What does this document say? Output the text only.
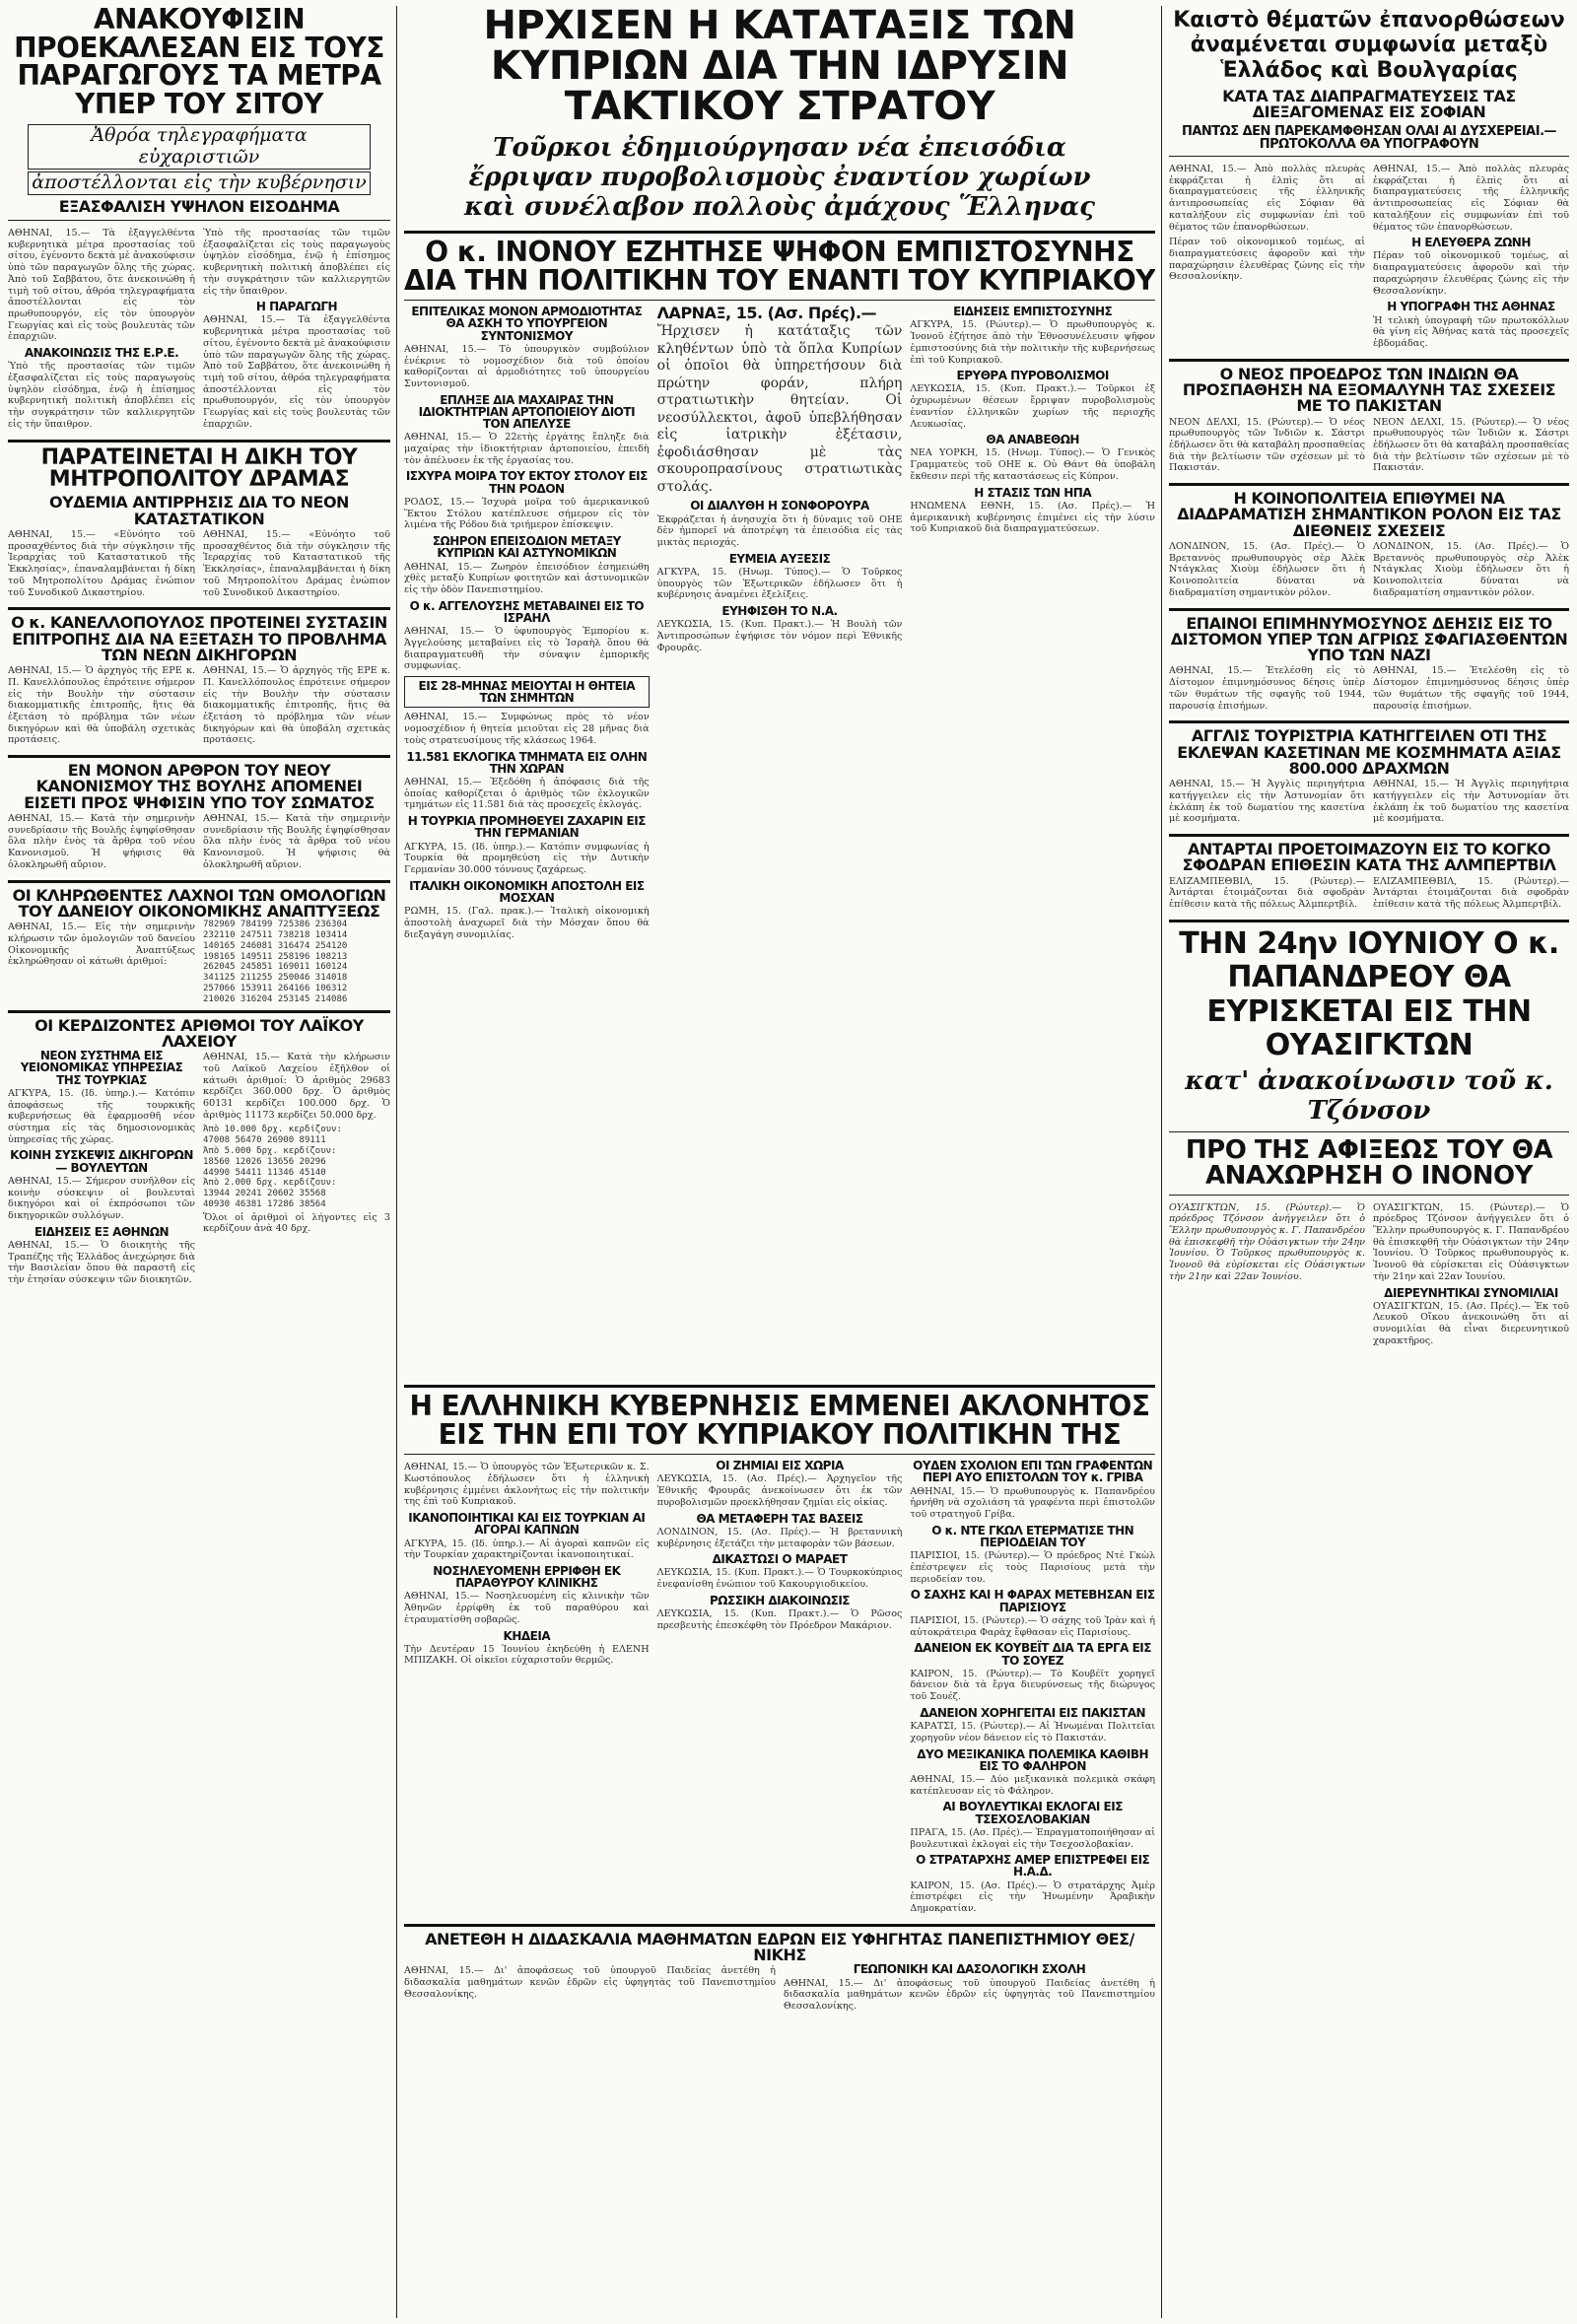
ΑΝΑΚΟΥΦΙΣΙΝ ΠΡΟΕΚΑΛΕΣΑΝ ΕΙΣ ΤΟΥΣ ΠΑΡΑΓΩΓΟΥΣ ΤΑ ΜΕΤΡΑ ΥΠΕΡ ΤΟΥ ΣΙΤΟΥ
Ἀθρόα τηλεγραφήματα εὐχαριστιῶν
ἀποστέλλονται εἰς τὴν κυβέρνησιν
ΕΞΑΣΦΑΛΙΣΗ ΥΨΗΛΟΝ ΕΙΣΟΔΗΜΑ

ΑΘΗΝΑΙ, 15.— Τὰ ἐξαγγελθέντα κυβερνητικὰ μέτρα προστασίας τοῦ σίτου, ἐγένοντο δεκτὰ μὲ ἀνακούφισιν ὑπὸ τῶν παραγωγῶν ὅλης τῆς χώρας. Ἀπὸ τοῦ Σαββάτου, ὅτε ἀνεκοινώθη ἡ τιμὴ τοῦ σίτου, ἀθρόα τηλεγραφήματα ἀποστέλλονται εἰς τὸν πρωθυπουργόν, εἰς τὸν ὑπουργὸν Γεωργίας καὶ εἰς τοὺς βουλευτὰς τῶν ἐπαρχιῶν.

ΑΝΑΚΟΙΝΩΣΙΣ ΤΗΣ Ε.Ρ.Ε.

Ὑπὸ τῆς προστασίας τῶν τιμῶν ἐξασφαλίζεται εἰς τοὺς παραγωγοὺς ὑψηλὸν εἰσόδημα, ἐνῷ ἡ ἐπίσημος κυβερνητικὴ πολιτικὴ ἀποβλέπει εἰς τὴν συγκράτησιν τῶν καλλιεργητῶν εἰς τὴν ὕπαιθρον.

Ὑπὸ τῆς προστασίας τῶν τιμῶν ἐξασφαλίζεται εἰς τοὺς παραγωγοὺς ὑψηλὸν εἰσόδημα, ἐνῷ ἡ ἐπίσημος κυβερνητικὴ πολιτικὴ ἀποβλέπει εἰς τὴν συγκράτησιν τῶν καλλιεργητῶν εἰς τὴν ὕπαιθρον.

Η ΠΑΡΑΓΩΓΗ

ΑΘΗΝΑΙ, 15.— Τὰ ἐξαγγελθέντα κυβερνητικὰ μέτρα προστασίας τοῦ σίτου, ἐγένοντο δεκτὰ μὲ ἀνακούφισιν ὑπὸ τῶν παραγωγῶν ὅλης τῆς χώρας. Ἀπὸ τοῦ Σαββάτου, ὅτε ἀνεκοινώθη ἡ τιμὴ τοῦ σίτου, ἀθρόα τηλεγραφήματα ἀποστέλλονται εἰς τὸν πρωθυπουργόν, εἰς τὸν ὑπουργὸν Γεωργίας καὶ εἰς τοὺς βουλευτὰς τῶν ἐπαρχιῶν.

ΠΑΡΑΤΕΙΝΕΤΑΙ Η ΔΙΚΗ ΤΟΥ ΜΗΤΡΟΠΟΛΙΤΟΥ ΔΡΑΜΑΣ
ΟΥΔΕΜΙΑ ΑΝΤΙΡΡΗΣΙΣ ΔΙΑ ΤΟ ΝΕΟΝ ΚΑΤΑΣΤΑΤΙΚΟΝ

ΑΘΗΝΑΙ, 15.— «Εὐνόητο τοῦ προσαχθέντος διὰ τὴν σύγκλησιν τῆς Ἱεραρχίας τοῦ Καταστατικοῦ τῆς Ἐκκλησίας», ἐπαναλαμβάνεται ἡ δίκη τοῦ Μητροπολίτου Δράμας ἐνώπιον τοῦ Συνοδικοῦ Δικαστηρίου.

ΑΘΗΝΑΙ, 15.— «Εὐνόητο τοῦ προσαχθέντος διὰ τὴν σύγκλησιν τῆς Ἱεραρχίας τοῦ Καταστατικοῦ τῆς Ἐκκλησίας», ἐπαναλαμβάνεται ἡ δίκη τοῦ Μητροπολίτου Δράμας ἐνώπιον τοῦ Συνοδικοῦ Δικαστηρίου.

Ο κ. ΚΑΝΕΛΛΟΠΟΥΛΟΣ ΠΡΟΤΕΙΝΕΙ ΣΥΣΤΑΣΙΝ ΕΠΙΤΡΟΠΗΣ ΔΙΑ ΝΑ ΕΞΕΤΑΣΗ ΤΟ ΠΡΟΒΛΗΜΑ ΤΩΝ ΝΕΩΝ ΔΙΚΗΓΟΡΩΝ

ΑΘΗΝΑΙ, 15.— Ὁ ἀρχηγὸς τῆς ΕΡΕ κ. Π. Κανελλόπουλος ἐπρότεινε σήμερον εἰς τὴν Βουλὴν τὴν σύστασιν διακομματικῆς ἐπιτροπῆς, ἥτις θὰ ἐξετάση τὸ πρόβλημα τῶν νέων δικηγόρων καὶ θὰ ὑποβάλη σχετικὰς προτάσεις.

ΑΘΗΝΑΙ, 15.— Ὁ ἀρχηγὸς τῆς ΕΡΕ κ. Π. Κανελλόπουλος ἐπρότεινε σήμερον εἰς τὴν Βουλὴν τὴν σύστασιν διακομματικῆς ἐπιτροπῆς, ἥτις θὰ ἐξετάση τὸ πρόβλημα τῶν νέων δικηγόρων καὶ θὰ ὑποβάλη σχετικὰς προτάσεις.

ΕΝ ΜΟΝΟΝ ΑΡΘΡΟΝ ΤΟΥ ΝΕΟΥ ΚΑΝΟΝΙΣΜΟΥ ΤΗΣ ΒΟΥΛΗΣ ΑΠΟΜΕΝΕΙ ΕΙΣΕΤΙ ΠΡΟΣ ΨΗΦΙΣΙΝ ΥΠΟ ΤΟΥ ΣΩΜΑΤΟΣ

ΑΘΗΝΑΙ, 15.— Κατὰ τὴν σημερινὴν συνεδρίασιν τῆς Βουλῆς ἐψηφίσθησαν ὅλα πλὴν ἑνὸς τὰ ἄρθρα τοῦ νέου Κανονισμοῦ. Ἡ ψήφισις θὰ ὁλοκληρωθῆ αὔριον.

ΑΘΗΝΑΙ, 15.— Κατὰ τὴν σημερινὴν συνεδρίασιν τῆς Βουλῆς ἐψηφίσθησαν ὅλα πλὴν ἑνὸς τὰ ἄρθρα τοῦ νέου Κανονισμοῦ. Ἡ ψήφισις θὰ ὁλοκληρωθῆ αὔριον.

ΟΙ ΚΛΗΡΩΘΕΝΤΕΣ ΛΑΧΝΟΙ ΤΩΝ ΟΜΟΛΟΓΙΩΝ ΤΟΥ ΔΑΝΕΙΟΥ ΟΙΚΟΝΟΜΙΚΗΣ ΑΝΑΠΤΥΞΕΩΣ

ΑΘΗΝΑΙ, 15.— Εἰς τὴν σημερινὴν κλήρωσιν τῶν ὁμολογιῶν τοῦ δανείου Οἰκονομικῆς Ἀναπτύξεως ἐκληρώθησαν οἱ κάτωθι ἀριθμοί:

782969 784199 725386 236304
232110 247511 738218 103414
140165 246081 316474 254120
198165 149511 258196 108213
262045 245851 169011 160124
341125 211255 250046 314018
257066 153911 264166 106312
210026 316204 253145 214086
ΟΙ ΚΕΡΔΙΖΟΝΤΕΣ ΑΡΙΘΜΟΙ ΤΟΥ ΛΑΪΚΟΥ ΛΑΧΕΙΟΥ
ΝΕΟΝ ΣΥΣΤΗΜΑ ΕΙΣ ΥΕΙΟΝΟΜΙΚΑΣ ΥΠΗΡΕΣΙΑΣ ΤΗΣ ΤΟΥΡΚΙΑΣ

ΑΓΚΥΡΑ, 15. (Ιδ. ὑπηρ.).— Κατόπιν ἀποφάσεως τῆς τουρκικῆς κυβερνήσεως θὰ ἐφαρμοσθῆ νέον σύστημα εἰς τὰς δημοσιονομικὰς ὑπηρεσίας τῆς χώρας.

ΚΟΙΝΗ ΣΥΣΚΕΨΙΣ ΔΙΚΗΓΟΡΩΝ — ΒΟΥΛΕΥΤΩΝ

ΑΘΗΝΑΙ, 15.— Σήμερον συνῆλθον εἰς κοινὴν σύσκεψιν οἱ βουλευταὶ δικηγόροι καὶ οἱ ἐκπρόσωποι τῶν δικηγορικῶν συλλόγων.

ΕΙΔΗΣΕΙΣ ΕΞ ΑΘΗΝΩΝ

ΑΘΗΝΑΙ, 15.— Ὁ διοικητὴς τῆς Τραπέζης τῆς Ἑλλάδος ἀνεχώρησε διὰ τὴν Βασιλείαν ὅπου θὰ παραστῆ εἰς τὴν ἐτησίαν σύσκεψιν τῶν διοικητῶν.

ΑΘΗΝΑΙ, 15.— Κατὰ τὴν κλήρωσιν τοῦ Λαϊκοῦ Λαχείου ἐξῆλθον οἱ κάτωθι ἀριθμοί: Ὁ ἀριθμὸς 29683 κερδίζει 360.000 δρχ. Ὁ ἀριθμὸς 60131 κερδίζει 100.000 δρχ. Ὁ ἀριθμὸς 11173 κερδίζει 50.000 δρχ.

Ἀπὸ 10.000 δρχ. κερδίζουν:
47008 56470 26900 89111
Ἀπὸ 5.000 δρχ. κερδίζουν:
18560 12026 13656 20296
44990 54411 11346 45140
Ἀπὸ 2.000 δρχ. κερδίζουν:
13944 20241 20602 35568
40930 46381 17286 38564

Ὅλοι οἱ ἀριθμοὶ οἱ λήγοντες εἰς 3 κερδίζουν ἀνὰ 40 δρχ.

ΗΡΧΙΣΕΝ Η ΚΑΤΑΤΑΞΙΣ ΤΩΝ ΚΥΠΡΙΩΝ ΔΙΑ ΤΗΝ ΙΔΡΥΣΙΝ ΤΑΚΤΙΚΟΥ ΣΤΡΑΤΟΥ
Τοῦρκοι ἐδημιούργησαν νέα ἐπεισόδια ἔρριψαν πυροβολισμοὺς ἐναντίον χωρίων καὶ συνέλαβον πολλοὺς ἀμάχους Ἕλληνας
Ο κ. ΙΝΟΝΟΥ ΕΖΗΤΗΣΕ ΨΗΦΟΝ ΕΜΠΙΣΤΟΣΥΝΗΣ ΔΙΑ ΤΗΝ ΠΟΛΙΤΙΚΗΝ ΤΟΥ ΕΝΑΝΤΙ ΤΟΥ ΚΥΠΡΙΑΚΟΥ
ΕΠΙΤΕΛΙΚΑΣ ΜΟΝΟΝ ΑΡΜΟΔΙΟΤΗΤΑΣ ΘΑ ΑΣΚΗ ΤΟ ΥΠΟΥΡΓΕΙΟΝ ΣΥΝΤΟΝΙΣΜΟΥ

ΑΘΗΝΑΙ, 15.— Τὸ ὑπουργικὸν συμβούλιον ἐνέκρινε τὸ νομοσχέδιον διὰ τοῦ ὁποίου καθορίζονται αἱ ἀρμοδιότητες τοῦ ὑπουργείου Συντονισμοῦ.

ΕΠΛΗΞΕ ΔΙΑ ΜΑΧΑΙΡΑΣ ΤΗΝ ΙΔΙΟΚΤΗΤΡΙΑΝ ΑΡΤΟΠΟΙΕΙΟΥ ΔΙΟΤΙ ΤΟΝ ΑΠΕΛΥΣΕ

ΑΘΗΝΑΙ, 15.— Ὁ 22ετὴς ἐργάτης ἔπληξε διὰ μαχαίρας τὴν ἰδιοκτήτριαν ἀρτοποιείου, ἐπειδὴ τὸν ἀπέλυσεν ἐκ τῆς ἐργασίας του.

ΙΣΧΥΡΑ ΜΟΙΡΑ ΤΟΥ ΕΚΤΟΥ ΣΤΟΛΟΥ ΕΙΣ ΤΗΝ ΡΟΔΟΝ

ΡΟΔΟΣ, 15.— Ἰσχυρὰ μοῖρα τοῦ ἀμερικανικοῦ Ἕκτου Στόλου κατέπλευσε σήμερον εἰς τὸν λιμένα τῆς Ρόδου διὰ τριήμερον ἐπίσκεψιν.

ΣΩΗΡΟΝ ΕΠΕΙΣΟΔΙΟΝ ΜΕΤΑΞΥ ΚΥΠΡΙΩΝ ΚΑΙ ΑΣΤΥΝΟΜΙΚΩΝ

ΑΘΗΝΑΙ, 15.— Ζωηρὸν ἐπεισόδιον ἐσημειώθη χθὲς μεταξὺ Κυπρίων φοιτητῶν καὶ ἀστυνομικῶν εἰς τὴν ὁδὸν Πανεπιστημίου.

Ο κ. ΑΓΓΕΛΟΥΣΗΣ ΜΕΤΑΒΑΙΝΕΙ ΕΙΣ ΤΟ ΙΣΡΑΗΛ

ΑΘΗΝΑΙ, 15.— Ὁ ὑφυπουργὸς Ἐμπορίου κ. Ἀγγελούσης μεταβαίνει εἰς τὸ Ἰσραὴλ ὅπου θὰ διαπραγματευθῆ τὴν σύναψιν ἐμπορικῆς συμφωνίας.

ΕΙΣ 28-ΜΗΝΑΣ ΜΕΙΟΥΤΑΙ Η ΘΗΤΕΙΑ ΤΩΝ ΣΗΜΗΤΩΝ

ΑΘΗΝΑΙ, 15.— Συμφώνως πρὸς τὸ νέον νομοσχέδιον ἡ θητεία μειοῦται εἰς 28 μῆνας διὰ τοὺς στρατευσίμους τῆς κλάσεως 1964.

11.581 ΕΚΛΟΓΙΚΑ ΤΜΗΜΑΤΑ ΕΙΣ ΟΛΗΝ ΤΗΝ ΧΩΡΑΝ

ΑΘΗΝΑΙ, 15.— Ἐξεδόθη ἡ ἀπόφασις διὰ τῆς ὁποίας καθορίζεται ὁ ἀριθμὸς τῶν ἐκλογικῶν τμημάτων εἰς 11.581 διὰ τὰς προσεχεῖς ἐκλογάς.

Η ΤΟΥΡΚΙΑ ΠΡΟΜΗΘΕΥΕΙ ΖΑΧΑΡΙΝ ΕΙΣ ΤΗΝ ΓΕΡΜΑΝΙΑΝ

ΑΓΚΥΡΑ, 15. (Ιδ. ὑπηρ.).— Κατόπιν συμφωνίας ἡ Τουρκία θὰ προμηθεύση εἰς τὴν Δυτικὴν Γερμανίαν 30.000 τόννους ζαχάρεως.

ΙΤΑΛΙΚΗ ΟΙΚΟΝΟΜΙΚΗ ΑΠΟΣΤΟΛΗ ΕΙΣ ΜΟΣΧΑΝ

ΡΩΜΗ, 15. (Γαλ. πρακ.).— Ἰταλικὴ οἰκονομικὴ ἀποστολὴ ἀναχωρεῖ διὰ τὴν Μόσχαν ὅπου θὰ διεξαγάγη συνομιλίας.

ΛΑΡΝΑΞ, 15. (Ασ. Πρές).—

Ἤρχισεν ἡ κατάταξις τῶν κληθέντων ὑπὸ τὰ ὅπλα Κυπρίων οἱ ὁποῖοι θὰ ὑπηρετήσουν διὰ πρώτην φοράν, πλήρη στρατιωτικὴν θητείαν. Οἱ νεοσύλλεκτοι, ἀφοῦ ὑπεβλήθησαν εἰς ἰατρικὴν ἐξέτασιν, ἐφοδιάσθησαν μὲ τὰς σκουροπρασίνους στρατιωτικὰς στολάς.

ΟΙ ΔΙΑΛΥΘΗ Η ΣΟΝΦΟΡΟΥΡΑ

Ἐκφράζεται ἡ ἀνησυχία ὅτι ἡ δύναμις τοῦ ΟΗΕ δὲν ἠμπορεῖ νὰ ἀποτρέψη τὰ ἐπεισόδια εἰς τὰς μικτὰς περιοχάς.

ΕΥΜΕΙΑ ΑΥΞΕΣΙΣ

ΑΓΚΥΡΑ, 15. (Ηνωμ. Τύπος).— Ὁ Τοῦρκος ὑπουργὸς τῶν Ἐξωτερικῶν ἐδήλωσεν ὅτι ἡ κυβέρνησις ἀναμένει ἐξελίξεις.

ΕΥΗΦΙΣΘΗ ΤΟ Ν.Α.

ΛΕΥΚΩΣΙΑ, 15. (Κυπ. Πρακτ.).— Ἡ Βουλὴ τῶν Ἀντιπροσώπων ἐψήφισε τὸν νόμον περὶ Ἐθνικῆς Φρουρᾶς.

ΕΙΔΗΣΕΙΣ ΕΜΠΙΣΤΟΣΥΝΗΣ

ΑΓΚΥΡΑ, 15. (Ρώυτερ).— Ὁ πρωθυπουργὸς κ. Ἰνονοῦ ἐζήτησε ἀπὸ τὴν Ἐθνοσυνέλευσιν ψῆφον ἐμπιστοσύνης διὰ τὴν πολιτικὴν τῆς κυβερνήσεως ἐπὶ τοῦ Κυπριακοῦ.

ΕΡΥΘΡΑ ΠΥΡΟΒΟΛΙΣΜΟΙ

ΛΕΥΚΩΣΙΑ, 15. (Κυπ. Πρακτ.).— Τοῦρκοι ἐξ ὀχυρωμένων θέσεων ἔρριψαν πυροβολισμοὺς ἐναντίον ἑλληνικῶν χωρίων τῆς περιοχῆς Λευκωσίας.

ΘΑ ΑΝΑΒΕΘΩΗ

ΝΕΑ ΥΟΡΚΗ, 15. (Ηνωμ. Τύπος).— Ὁ Γενικὸς Γραμματεὺς τοῦ ΟΗΕ κ. Οὐ Θάντ θὰ ὑποβάλη ἔκθεσιν περὶ τῆς καταστάσεως εἰς Κύπρον.

Η ΣΤΑΣΙΣ ΤΩΝ ΗΠΑ

ΗΝΩΜΕΝΑ ΕΘΝΗ, 15. (Ασ. Πρές).— Ἡ ἀμερικανικὴ κυβέρνησις ἐπιμένει εἰς τὴν λύσιν τοῦ Κυπριακοῦ διὰ διαπραγματεύσεων.

Η ΕΛΛΗΝΙΚΗ ΚΥΒΕΡΝΗΣΙΣ ΕΜΜΕΝΕΙ ΑΚΛΟΝΗΤΟΣ ΕΙΣ ΤΗΝ ΕΠΙ ΤΟΥ ΚΥΠΡΙΑΚΟΥ ΠΟΛΙΤΙΚΗΝ ΤΗΣ

ΑΘΗΝΑΙ, 15.— Ὁ ὑπουργὸς τῶν Ἐξωτερικῶν κ. Σ. Κωστόπουλος ἐδήλωσεν ὅτι ἡ ἑλληνικὴ κυβέρνησις ἐμμένει ἀκλονήτως εἰς τὴν πολιτικήν της ἐπὶ τοῦ Κυπριακοῦ.

ΙΚΑΝΟΠΟΙΗΤΙΚΑΙ ΚΑΙ ΕΙΣ ΤΟΥΡΚΙΑΝ ΑΙ ΑΓΟΡΑΙ ΚΑΠΝΩΝ

ΑΓΚΥΡΑ, 15. (Ιδ. ὑπηρ.).— Αἱ ἀγοραὶ καπνῶν εἰς τὴν Τουρκίαν χαρακτηρίζονται ἱκανοποιητικαί.

ΝΟΣΗΛΕΥΟΜΕΝΗ ΕΡΡΙΦΘΗ ΕΚ ΠΑΡΑΘΥΡΟΥ ΚΛΙΝΙΚΗΣ

ΑΘΗΝΑΙ, 15.— Νοσηλευομένη εἰς κλινικὴν τῶν Ἀθηνῶν ἐρρίφθη ἐκ τοῦ παραθύρου καὶ ἐτραυματίσθη σοβαρῶς.

ΚΗΔΕΙΑ

Τὴν Δευτέραν 15 Ἰουνίου ἐκηδεύθη ἡ ΕΛΕΝΗ ΜΠΙΖΑΚΗ. Οἱ οἰκεῖοι εὐχαριστοῦν θερμῶς.

ΟΙ ΖΗΜΙΑΙ ΕΙΣ ΧΩΡΙΑ

ΛΕΥΚΩΣΙΑ, 15. (Ασ. Πρές).— Ἀρχηγεῖον τῆς Ἐθνικῆς Φρουρᾶς ἀνεκοίνωσεν ὅτι ἐκ τῶν πυροβολισμῶν προεκλήθησαν ζημίαι εἰς οἰκίας.

ΘΑ ΜΕΤΑΦΕΡΗ ΤΑΣ ΒΑΣΕΙΣ

ΛΟΝΔΙΝΟΝ, 15. (Ασ. Πρές).— Ἡ βρεταννικὴ κυβέρνησις ἐξετάζει τὴν μεταφορὰν τῶν βάσεων.

ΔΙΚΑΣΤΩΣΙ Ο ΜΑΡΑΕΤ

ΛΕΥΚΩΣΙΑ, 15. (Κυπ. Πρακτ.).— Ὁ Τουρκοκύπριος ἐνεφανίσθη ἐνώπιον τοῦ Κακουργιοδικείου.

ΡΩΣΣΙΚΗ ΔΙΑΚΟΙΝΩΣΙΣ

ΛΕΥΚΩΣΙΑ, 15. (Κυπ. Πρακτ.).— Ὁ Ρῶσος πρεσβευτὴς ἐπεσκέφθη τὸν Πρόεδρον Μακάριον.

ΟΥΔΕΝ ΣΧΟΛΙΟΝ ΕΠΙ ΤΩΝ ΓΡΑΦΕΝΤΩΝ ΠΕΡΙ ΑΥΟ ΕΠΙΣΤΟΛΩΝ ΤΟΥ κ. ΓΡΙΒΑ

ΑΘΗΝΑΙ, 15.— Ὁ πρωθυπουργὸς κ. Παπανδρέου ἠρνήθη νὰ σχολιάση τὰ γραφέντα περὶ ἐπιστολῶν τοῦ στρατηγοῦ Γρίβα.

Ο κ. ΝΤΕ ΓΚΩΛ ΕΤΕΡΜΑΤΙΣΕ ΤΗΝ ΠΕΡΙΟΔΕΙΑΝ ΤΟΥ

ΠΑΡΙΣΙΟΙ, 15. (Ρώυτερ).— Ὁ πρόεδρος Ντὲ Γκὼλ ἐπέστρεψεν εἰς τοὺς Παρισίους μετὰ τὴν περιοδείαν του.

Ο ΣΑΧΗΣ ΚΑΙ Η ΦΑΡΑΧ ΜΕΤΕΒΗΣΑΝ ΕΙΣ ΠΑΡΙΣΙΟΥΣ

ΠΑΡΙΣΙΟΙ, 15. (Ρώυτερ).— Ὁ σάχης τοῦ Ἰρὰν καὶ ἡ αὐτοκράτειρα Φαρὰχ ἔφθασαν εἰς Παρισίους.

ΔΑΝΕΙΟΝ ΕΚ ΚΟΥΒΕΪΤ ΔΙΑ ΤΑ ΕΡΓΑ ΕΙΣ ΤΟ ΣΟΥΕΖ

ΚΑΙΡΟΝ, 15. (Ρώυτερ).— Τὸ Κουβέϊτ χορηγεῖ δάνειον διὰ τὰ ἔργα διευρύνσεως τῆς διώρυγος τοῦ Σουέζ.

ΔΑΝΕΙΟΝ ΧΟΡΗΓΕΙΤΑΙ ΕΙΣ ΠΑΚΙΣΤΑΝ

ΚΑΡΑΤΣΙ, 15. (Ρώυτερ).— Αἱ Ἡνωμέναι Πολιτεῖαι χορηγοῦν νέον δάνειον εἰς τὸ Πακιστάν.

ΔΥΟ ΜΕΞΙΚΑΝΙΚΑ ΠΟΛΕΜΙΚΑ ΚΑΘΙΒΗ ΕΙΣ ΤΟ ΦΑΛΗΡΟΝ

ΑΘΗΝΑΙ, 15.— Δύο μεξικανικὰ πολεμικὰ σκάφη κατέπλευσαν εἰς τὸ Φάληρον.

ΑΙ ΒΟΥΛΕΥΤΙΚΑΙ ΕΚΛΟΓΑΙ ΕΙΣ ΤΣΕΧΟΣΛΟΒΑΚΙΑΝ

ΠΡΑΓΑ, 15. (Ασ. Πρές).— Ἐπραγματοποιήθησαν αἱ βουλευτικαὶ ἐκλογαὶ εἰς τὴν Τσεχοσλοβακίαν.

Ο ΣΤΡΑΤΑΡΧΗΣ ΑΜΕΡ ΕΠΙΣΤΡΕΦΕΙ ΕΙΣ Η.Α.Δ.

ΚΑΙΡΟΝ, 15. (Ασ. Πρές).— Ὁ στρατάρχης Ἀμὲρ ἐπιστρέφει εἰς τὴν Ἡνωμένην Ἀραβικὴν Δημοκρατίαν.

ΑΝΕΤΕΘΗ Η ΔΙΔΑΣΚΑΛΙΑ ΜΑΘΗΜΑΤΩΝ ΕΔΡΩΝ ΕΙΣ ΥΦΗΓΗΤΑΣ ΠΑΝΕΠΙΣΤΗΜΙΟΥ ΘΕΣ/ΝΙΚΗΣ

ΑΘΗΝΑΙ, 15.— Δι' ἀποφάσεως τοῦ ὑπουργοῦ Παιδείας ἀνετέθη ἡ διδασκαλία μαθημάτων κενῶν ἑδρῶν εἰς ὑφηγητὰς τοῦ Πανεπιστημίου Θεσσαλονίκης.

ΓΕΩΠΟΝΙΚΗ ΚΑΙ ΔΑΣΟΛΟΓΙΚΗ ΣΧΟΛΗ

ΑΘΗΝΑΙ, 15.— Δι' ἀποφάσεως τοῦ ὑπουργοῦ Παιδείας ἀνετέθη ἡ διδασκαλία μαθημάτων κενῶν ἑδρῶν εἰς ὑφηγητὰς τοῦ Πανεπιστημίου Θεσσαλονίκης.

Καιστὸ θέματῶν ἐπανορθώσεων ἀναμένεται συμφωνία μεταξὺ Ἑλλάδος καὶ Βουλγαρίας
ΚΑΤΑ ΤΑΣ ΔΙΑΠΡΑΓΜΑΤΕΥΣΕΙΣ ΤΑΣ ΔΙΕΞΑΓΟΜΕΝΑΣ ΕΙΣ ΣΟΦΙΑΝ
ΠΑΝΤΩΣ ΔΕΝ ΠΑΡΕΚΑΜΦΘΗΣΑΝ ΟΛΑΙ ΑΙ ΔΥΣΧΕΡΕΙΑΙ.— ΠΡΩΤΟΚΟΛΛΑ ΘΑ ΥΠΟΓΡΑΦΟΥΝ

ΑΘΗΝΑΙ, 15.— Ἀπὸ πολλὰς πλευρὰς ἐκφράζεται ἡ ἐλπὶς ὅτι αἱ διαπραγματεύσεις τῆς ἑλληνικῆς ἀντιπροσωπείας εἰς Σόφιαν θὰ καταλήξουν εἰς συμφωνίαν ἐπὶ τοῦ θέματος τῶν ἐπανορθώσεων.

Πέραν τοῦ οἰκονομικοῦ τομέως, αἱ διαπραγματεύσεις ἀφοροῦν καὶ τὴν παραχώρησιν ἐλευθέρας ζώνης εἰς τὴν Θεσσαλονίκην.

ΑΘΗΝΑΙ, 15.— Ἀπὸ πολλὰς πλευρὰς ἐκφράζεται ἡ ἐλπὶς ὅτι αἱ διαπραγματεύσεις τῆς ἑλληνικῆς ἀντιπροσωπείας εἰς Σόφιαν θὰ καταλήξουν εἰς συμφωνίαν ἐπὶ τοῦ θέματος τῶν ἐπανορθώσεων.

Η ΕΛΕΥΘΕΡΑ ΖΩΝΗ

Πέραν τοῦ οἰκονομικοῦ τομέως, αἱ διαπραγματεύσεις ἀφοροῦν καὶ τὴν παραχώρησιν ἐλευθέρας ζώνης εἰς τὴν Θεσσαλονίκην.

Η ΥΠΟΓΡΑΦΗ ΤΗΣ ΑΘΗΝΑΣ

Ἡ τελικὴ ὑπογραφὴ τῶν πρωτοκόλλων θὰ γίνη εἰς Ἀθήνας κατὰ τὰς προσεχεῖς ἑβδομάδας.

Ο ΝΕΟΣ ΠΡΟΕΔΡΟΣ ΤΩΝ ΙΝΔΙΩΝ ΘΑ ΠΡΟΣΠΑΘΗΣΗ ΝΑ ΕΞΟΜΑΛΥΝΗ ΤΑΣ ΣΧΕΣΕΙΣ ΜΕ ΤΟ ΠΑΚΙΣΤΑΝ

ΝΕΟΝ ΔΕΛΧΙ, 15. (Ρώυτερ).— Ὁ νέος πρωθυπουργὸς τῶν Ἰνδιῶν κ. Σάστρι ἐδήλωσεν ὅτι θὰ καταβάλη προσπαθείας διὰ τὴν βελτίωσιν τῶν σχέσεων μὲ τὸ Πακιστάν.

ΝΕΟΝ ΔΕΛΧΙ, 15. (Ρώυτερ).— Ὁ νέος πρωθυπουργὸς τῶν Ἰνδιῶν κ. Σάστρι ἐδήλωσεν ὅτι θὰ καταβάλη προσπαθείας διὰ τὴν βελτίωσιν τῶν σχέσεων μὲ τὸ Πακιστάν.

Η ΚΟΙΝΟΠΟΛΙΤΕΙΑ ΕΠΙΘΥΜΕΙ ΝΑ ΔΙΑΔΡΑΜΑΤΙΣΗ ΣΗΜΑΝΤΙΚΟΝ ΡΟΛΟΝ ΕΙΣ ΤΑΣ ΔΙΕΘΝΕΙΣ ΣΧΕΣΕΙΣ

ΛΟΝΔΙΝΟΝ, 15. (Ασ. Πρές).— Ὁ Βρεταννὸς πρωθυπουργὸς σὲρ Ἀλὲκ Ντάγκλας Χιοὺμ ἐδήλωσεν ὅτι ἡ Κοινοπολιτεία δύναται νὰ διαδραματίση σημαντικὸν ρόλον.

ΛΟΝΔΙΝΟΝ, 15. (Ασ. Πρές).— Ὁ Βρεταννὸς πρωθυπουργὸς σὲρ Ἀλὲκ Ντάγκλας Χιοὺμ ἐδήλωσεν ὅτι ἡ Κοινοπολιτεία δύναται νὰ διαδραματίση σημαντικὸν ρόλον.

ΕΠΑΙΝΟΙ ΕΠΙΜΗΝΥΜΟΣΥΝΟΣ ΔΕΗΣΙΣ ΕΙΣ ΤΟ ΔΙΣΤΟΜΟΝ ΥΠΕΡ ΤΩΝ ΑΓΡΙΩΣ ΣΦΑΓΙΑΣΘΕΝΤΩΝ ΥΠΟ ΤΩΝ ΝΑΖΙ

ΑΘΗΝΑΙ, 15.— Ἐτελέσθη εἰς τὸ Δίστομον ἐπιμνημόσυνος δέησις ὑπὲρ τῶν θυμάτων τῆς σφαγῆς τοῦ 1944, παρουσίᾳ ἐπισήμων.

ΑΘΗΝΑΙ, 15.— Ἐτελέσθη εἰς τὸ Δίστομον ἐπιμνημόσυνος δέησις ὑπὲρ τῶν θυμάτων τῆς σφαγῆς τοῦ 1944, παρουσίᾳ ἐπισήμων.

ΑΓΓΛΙΣ ΤΟΥΡΙΣΤΡΙΑ ΚΑΤΗΓΓΕΙΛΕΝ ΟΤΙ ΤΗΣ ΕΚΛΕΨΑΝ ΚΑΣΕΤΙΝΑΝ ΜΕ ΚΟΣΜΗΜΑΤΑ ΑΞΙΑΣ 800.000 ΔΡΑΧΜΩΝ

ΑΘΗΝΑΙ, 15.— Ἡ Ἀγγλὶς περιηγήτρια κατήγγειλεν εἰς τὴν Ἀστυνομίαν ὅτι ἐκλάπη ἐκ τοῦ δωματίου της κασετίνα μὲ κοσμήματα.

ΑΘΗΝΑΙ, 15.— Ἡ Ἀγγλὶς περιηγήτρια κατήγγειλεν εἰς τὴν Ἀστυνομίαν ὅτι ἐκλάπη ἐκ τοῦ δωματίου της κασετίνα μὲ κοσμήματα.

ΑΝΤΑΡΤΑΙ ΠΡΟΕΤΟΙΜΑΖΟΥΝ ΕΙΣ ΤΟ ΚΟΓΚΟ ΣΦΟΔΡΑΝ ΕΠΙΘΕΣΙΝ ΚΑΤΑ ΤΗΣ ΑΛΜΠΕΡΤΒΙΛ

ΕΛΙΖΑΜΠΕΘΒΙΛ, 15. (Ρώυτερ).— Ἀντάρται ἑτοιμάζονται διὰ σφοδρὰν ἐπίθεσιν κατὰ τῆς πόλεως Ἀλμπερτβίλ.

ΕΛΙΖΑΜΠΕΘΒΙΛ, 15. (Ρώυτερ).— Ἀντάρται ἑτοιμάζονται διὰ σφοδρὰν ἐπίθεσιν κατὰ τῆς πόλεως Ἀλμπερτβίλ.

ΤΗΝ 24ην ΙΟΥΝΙΟΥ Ο κ. ΠΑΠΑΝΔΡΕΟΥ ΘΑ ΕΥΡΙΣΚΕΤΑΙ ΕΙΣ ΤΗΝ ΟΥΑΣΙΓΚΤΩΝ
κατ' ἀνακοίνωσιν τοῦ κ. Τζόνσον
ΠΡΟ ΤΗΣ ΑΦΙΞΕΩΣ ΤΟΥ ΘΑ ΑΝΑΧΩΡΗΣΗ Ο ΙΝΟΝΟΥ

ΟΥΑΣΙΓΚΤΩΝ, 15. (Ρώυτερ).— Ὁ πρόεδρος Τζόνσον ἀνήγγειλεν ὅτι ὁ Ἕλλην πρωθυπουργὸς κ. Γ. Παπανδρέου θὰ ἐπισκεφθῆ τὴν Οὐάσιγκτων τὴν 24ην Ἰουνίου. Ὁ Τοῦρκος πρωθυπουργὸς κ. Ἰνονοῦ θὰ εὑρίσκεται εἰς Οὐάσιγκτων τὴν 21ην καὶ 22αν Ἰουνίου.

ΟΥΑΣΙΓΚΤΩΝ, 15. (Ρώυτερ).— Ὁ πρόεδρος Τζόνσον ἀνήγγειλεν ὅτι ὁ Ἕλλην πρωθυπουργὸς κ. Γ. Παπανδρέου θὰ ἐπισκεφθῆ τὴν Οὐάσιγκτων τὴν 24ην Ἰουνίου. Ὁ Τοῦρκος πρωθυπουργὸς κ. Ἰνονοῦ θὰ εὑρίσκεται εἰς Οὐάσιγκτων τὴν 21ην καὶ 22αν Ἰουνίου.

ΔΙΕΡΕΥΝΗΤΙΚΑΙ ΣΥΝΟΜΙΛΙΑΙ

ΟΥΑΣΙΓΚΤΩΝ, 15. (Ασ. Πρές).— Ἐκ τοῦ Λευκοῦ Οἴκου ἀνεκοινώθη ὅτι αἱ συνομιλίαι θὰ εἶναι διερευνητικοῦ χαρακτῆρος.
